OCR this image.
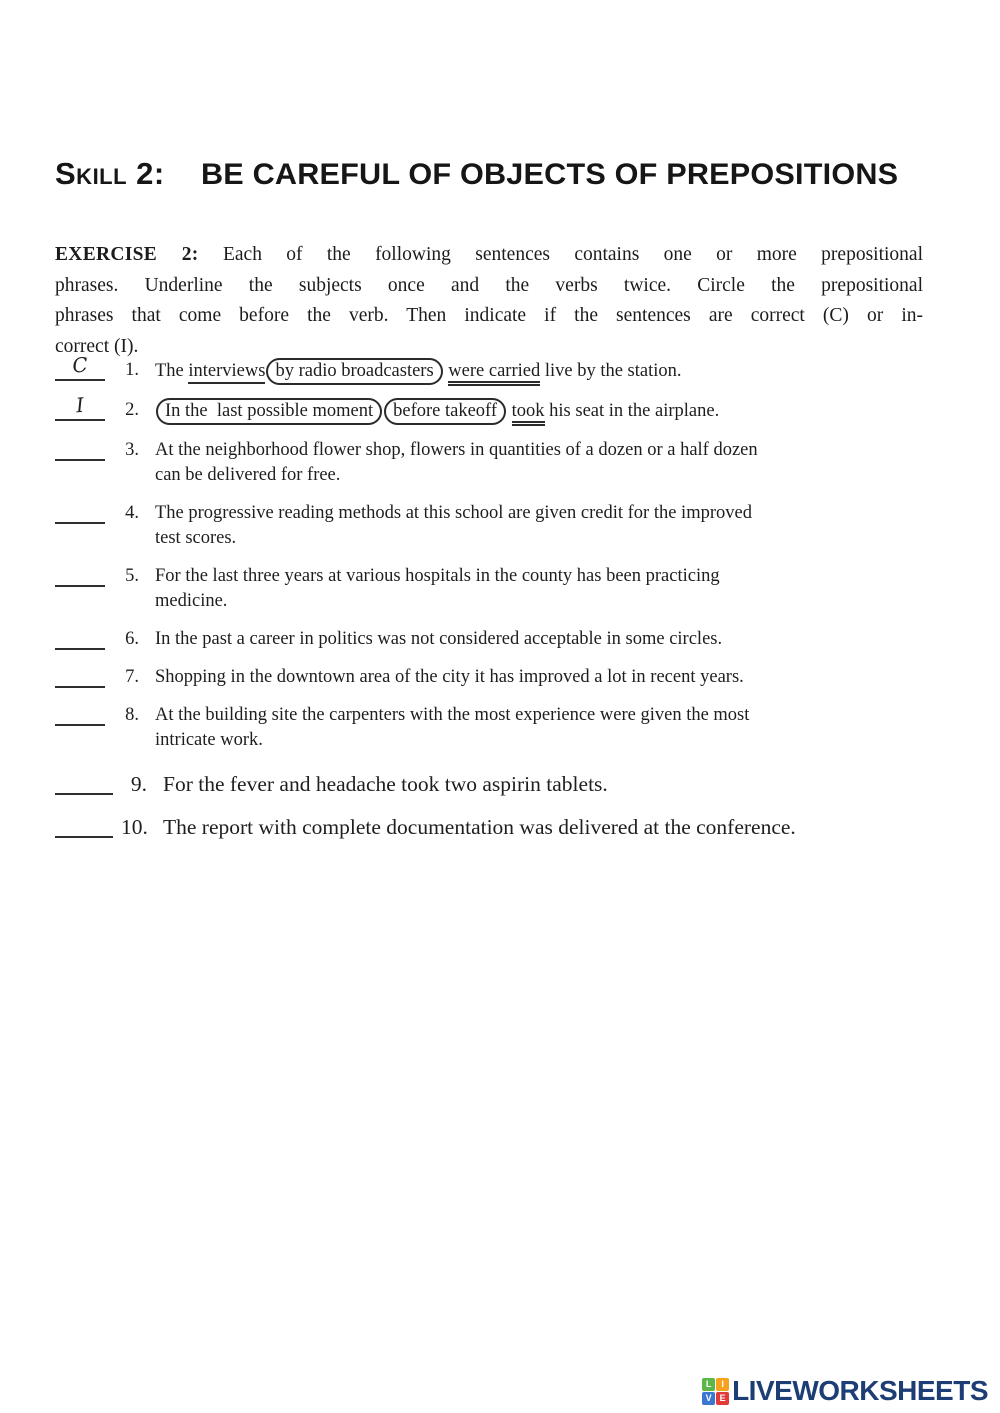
Skill 2: BE CAREFUL OF OBJECTS OF PREPOSITIONS
EXERCISE 2: Each of the following sentences contains one or more prepositional
phrases. Underline the subjects once and the verbs twice. Circle the prepositional
phrases that come before the verb. Then indicate if the sentences are correct (C) or in-
correct (I).
C	1. The interviews by radio broadcasters were carried live by the station.
I	2.	In the  last possible moment before takeoff took his seat in the airplane.
3. At the neighborhood flower shop, flowers in quantities of a dozen or a half dozen
can be delivered for free.
4. The progressive reading methods at this school are given credit for the improved
test scores.
5. For the last three years at various hospitals in the county has been practicing
medicine.
6. In the past a career in politics was not considered acceptable in some circles.
7. Shopping in the downtown area of the city it has improved a lot in recent years.
8. At the building site the carpenters with the most experience were given the most
intricate work.
9. For the fever and headache took two aspirin tablets.
10. The report with complete documentation was delivered at the conference.
L	I
V E LIVEWORKSHEETS
